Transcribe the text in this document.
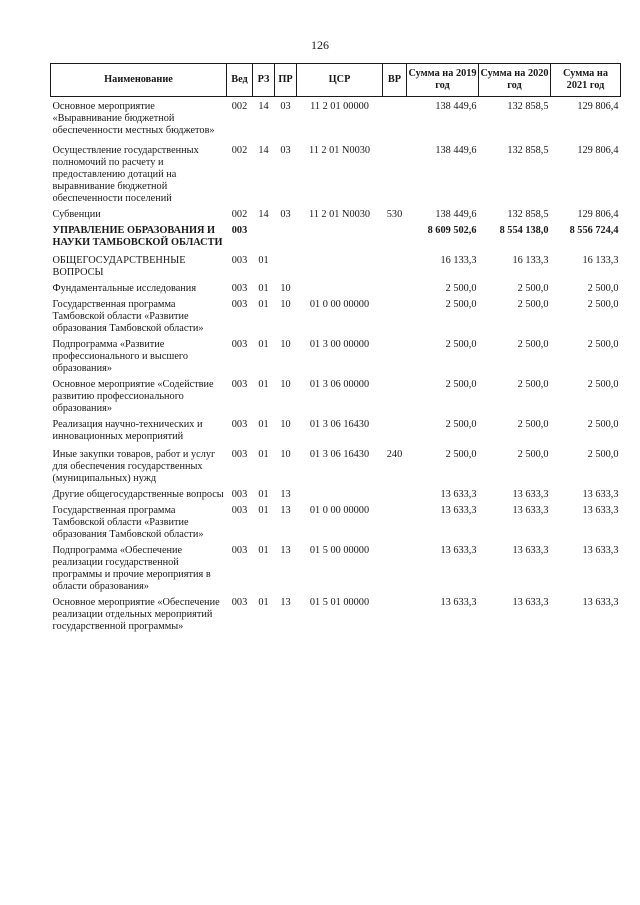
126
Наименование	Вед	РЗ	ПР	ЦСР	ВР	Сумма на 2019 год	Сумма на 2020 год	Сумма на 2021 год
Основное мероприятие «Выравнивание бюджетной обеспеченности местных бюджетов»	002	14	03	11 2 01 00000		138 449,6	132 858,5	129 806,4
Осуществление государственных полномочий по расчету и предоставлению дотаций на выравнивание бюджетной обеспеченности поселений	002	14	03	11 2 01 N0030		138 449,6	132 858,5	129 806,4
Субвенции	002	14	03	11 2 01 N0030	530	138 449,6	132 858,5	129 806,4
УПРАВЛЕНИЕ ОБРАЗОВАНИЯ И НАУКИ ТАМБОВСКОЙ ОБЛАСТИ	003					8 609 502,6	8 554 138,0	8 556 724,4
ОБЩЕГОСУДАРСТВЕННЫЕ ВОПРОСЫ	003	01				16 133,3	16 133,3	16 133,3
Фундаментальные исследования	003	01	10			2 500,0	2 500,0	2 500,0
Государственная программа Тамбовской области «Развитие образования Тамбовской области»	003	01	10	01 0 00 00000		2 500,0	2 500,0	2 500,0
Подпрограмма «Развитие профессионального и высшего образования»	003	01	10	01 3 00 00000		2 500,0	2 500,0	2 500,0
Основное мероприятие «Содействие развитию профессионального образования»	003	01	10	01 3 06 00000		2 500,0	2 500,0	2 500,0
Реализация научно-технических и инновационных мероприятий	003	01	10	01 3 06 16430		2 500,0	2 500,0	2 500,0
Иные закупки товаров, работ и услуг для обеспечения государственных (муниципальных) нужд	003	01	10	01 3 06 16430	240	2 500,0	2 500,0	2 500,0
Другие общегосударственные вопросы	003	01	13			13 633,3	13 633,3	13 633,3
Государственная программа Тамбовской области «Развитие образования Тамбовской области»	003	01	13	01 0 00 00000		13 633,3	13 633,3	13 633,3
Подпрограмма «Обеспечение реализации государственной программы и прочие мероприятия в области образования»	003	01	13	01 5 00 00000		13 633,3	13 633,3	13 633,3
Основное мероприятие «Обеспечение реализации отдельных мероприятий государственной программы»	003	01	13	01 5 01 00000		13 633,3	13 633,3	13 633,3
